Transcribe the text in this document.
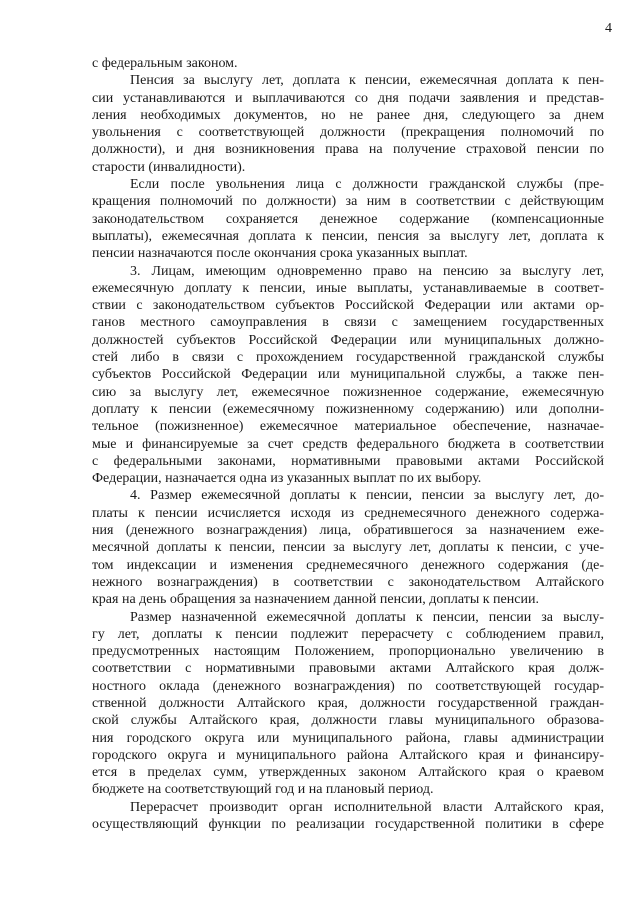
4
с федеральным законом.
Пенсия за выслугу лет, доплата к пенсии, ежемесячная доплата к пен-
сии устанавливаются и выплачиваются со дня подачи заявления и представ-
ления необходимых документов, но не ранее дня, следующего за днем
увольнения с соответствующей должности (прекращения полномочий по
должности), и дня возникновения права на получение страховой пенсии по
старости (инвалидности).
Если после увольнения лица с должности гражданской службы (пре-
кращения полномочий по должности) за ним в соответствии с действующим
законодательством сохраняется денежное содержание (компенсационные
выплаты), ежемесячная доплата к пенсии, пенсия за выслугу лет, доплата к
пенсии назначаются после окончания срока указанных выплат.
3. Лицам, имеющим одновременно право на пенсию за выслугу лет,
ежемесячную доплату к пенсии, иные выплаты, устанавливаемые в соответ-
ствии с законодательством субъектов Российской Федерации или актами ор-
ганов местного самоуправления в связи с замещением государственных
должностей субъектов Российской Федерации или муниципальных должно-
стей либо в связи с прохождением государственной гражданской службы
субъектов Российской Федерации или муниципальной службы, а также пен-
сию за выслугу лет, ежемесячное пожизненное содержание, ежемесячную
доплату к пенсии (ежемесячному пожизненному содержанию) или дополни-
тельное (пожизненное) ежемесячное материальное обеспечение, назначае-
мые и финансируемые за счет средств федерального бюджета в соответствии
с федеральными законами, нормативными правовыми актами Российской
Федерации, назначается одна из указанных выплат по их выбору.
4. Размер ежемесячной доплаты к пенсии, пенсии за выслугу лет, до-
платы к пенсии исчисляется исходя из среднемесячного денежного содержа-
ния (денежного вознаграждения) лица, обратившегося за назначением еже-
месячной доплаты к пенсии, пенсии за выслугу лет, доплаты к пенсии, с уче-
том индексации и изменения среднемесячного денежного содержания (де-
нежного вознаграждения) в соответствии с законодательством Алтайского
края на день обращения за назначением данной пенсии, доплаты к пенсии.
Размер назначенной ежемесячной доплаты к пенсии, пенсии за выслу-
гу лет, доплаты к пенсии подлежит перерасчету с соблюдением правил,
предусмотренных настоящим Положением, пропорционально увеличению в
соответствии с нормативными правовыми актами Алтайского края долж-
ностного оклада (денежного вознаграждения) по соответствующей государ-
ственной должности Алтайского края, должности государственной граждан-
ской службы Алтайского края, должности главы муниципального образова-
ния городского округа или муниципального района, главы администрации
городского округа и муниципального района Алтайского края и финансиру-
ется в пределах сумм, утвержденных законом Алтайского края о краевом
бюджете на соответствующий год и на плановый период.
Перерасчет производит орган исполнительной власти Алтайского края,
осуществляющий функции по реализации государственной политики в сфере
